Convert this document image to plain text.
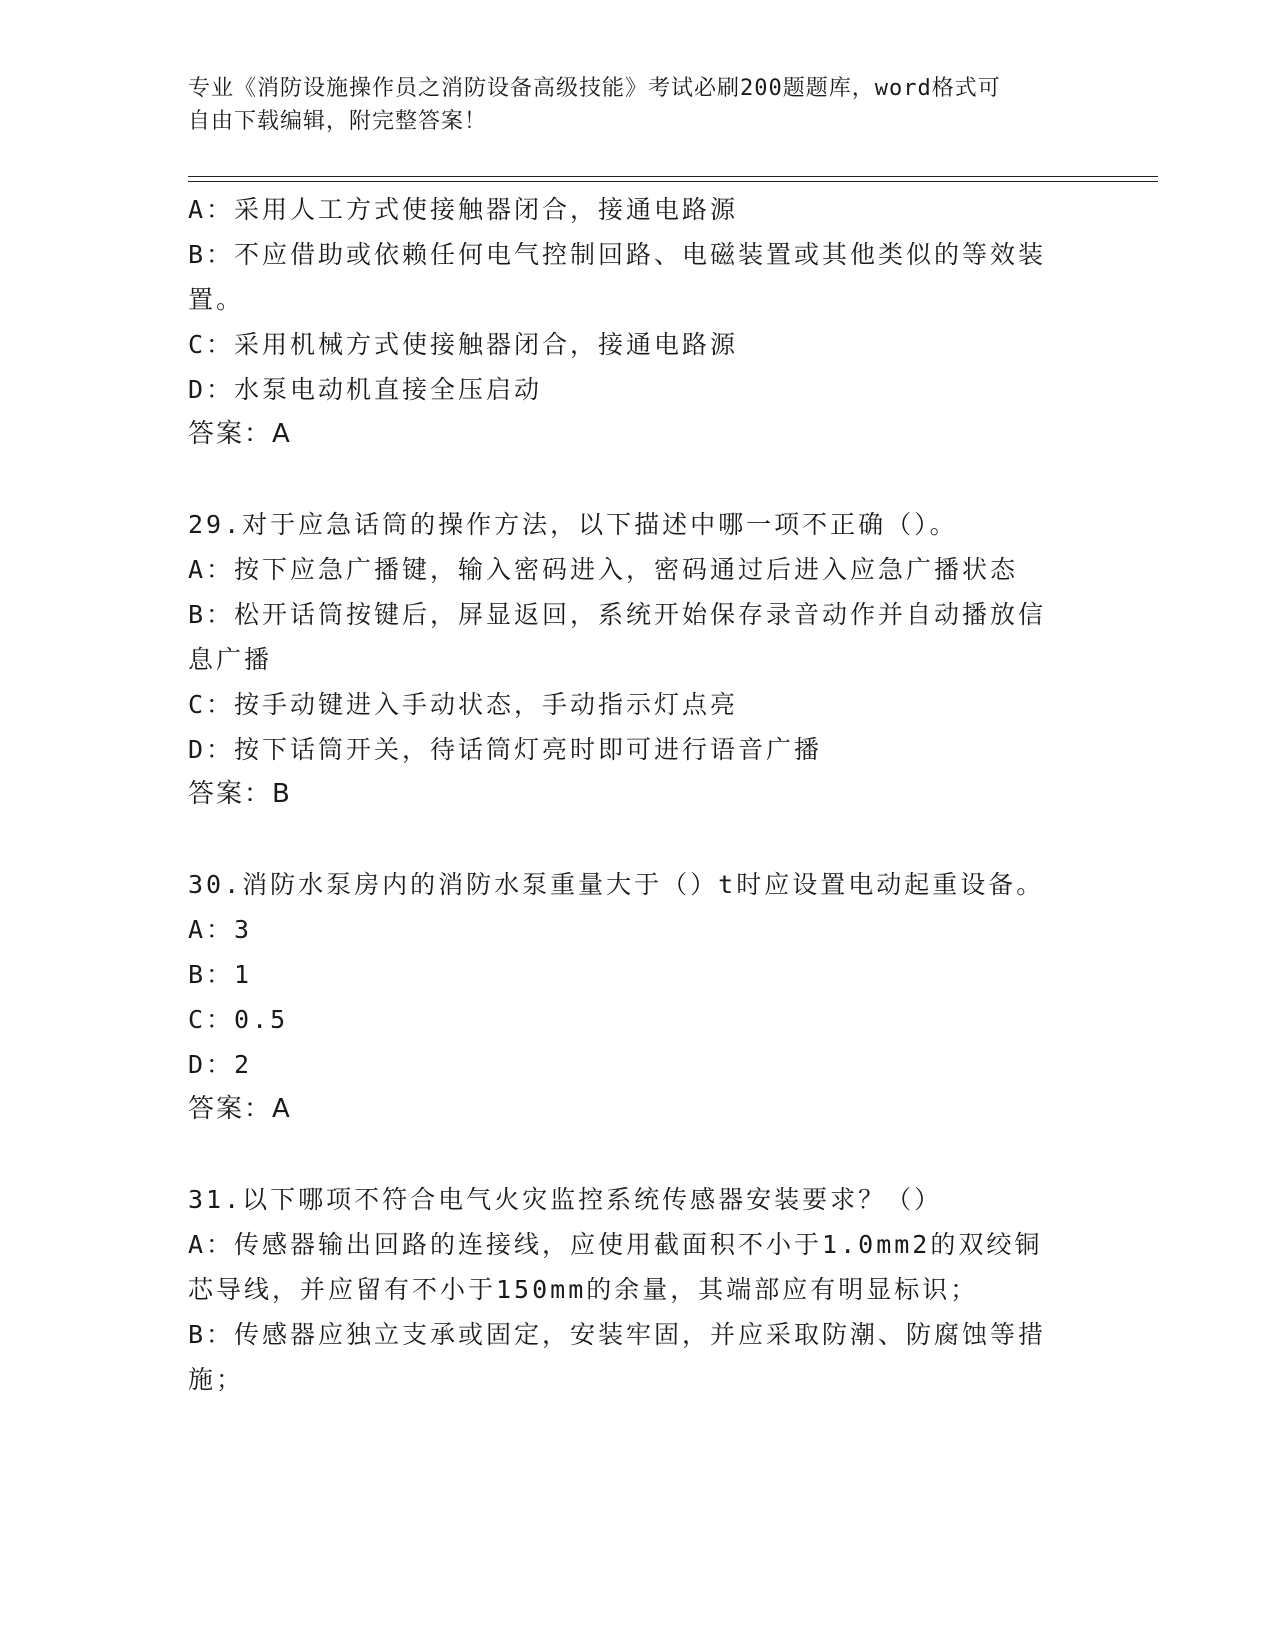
专业《消防设施操作员之消防设备高级技能》考试必刷200题题库，word格式可
自由下载编辑，附完整答案！
A：采用人工方式使接触器闭合，接通电路源
B：不应借助或依赖任何电气控制回路、电磁装置或其他类似的等效装
置。
C：采用机械方式使接触器闭合，接通电路源
D：水泵电动机直接全压启动
答案：A
29.对于应急话筒的操作方法，以下描述中哪一项不正确（）。
A：按下应急广播键，输入密码进入，密码通过后进入应急广播状态
B：松开话筒按键后，屏显返回，系统开始保存录音动作并自动播放信
息广播
C：按手动键进入手动状态，手动指示灯点亮
D：按下话筒开关，待话筒灯亮时即可进行语音广播
答案：B
30.消防水泵房内的消防水泵重量大于（）t时应设置电动起重设备。
A：3
B：1
C：0.5
D：2
答案：A
31.以下哪项不符合电气火灾监控系统传感器安装要求？（）
A：传感器输出回路的连接线，应使用截面积不小于1.0mm2的双绞铜
芯导线，并应留有不小于150mm的余量，其端部应有明显标识；
B：传感器应独立支承或固定，安装牢固，并应采取防潮、防腐蚀等措
施；
